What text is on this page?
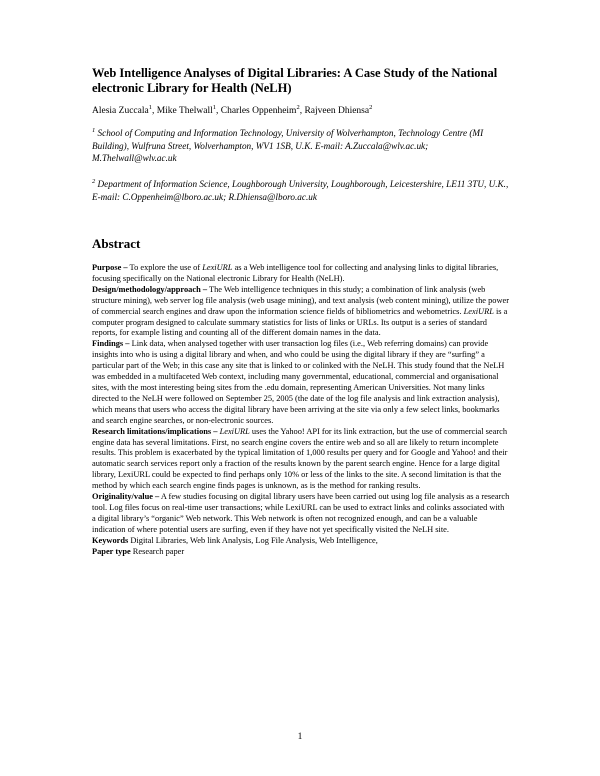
Web Intelligence Analyses of Digital Libraries: A Case Study of the National electronic Library for Health (NeLH)
Alesia Zuccala$^1$, Mike Thelwall$^1$, Charles Oppenheim$^2$, Rajveen Dhiensa$^2$
$^1$ School of Computing and Information Technology, University of Wolverhampton, Technology Centre (MI Building), Wulfruna Street, Wolverhampton, WV1 1SB, U.K. E-mail: A.Zuccala@wlv.ac.uk; M.Thelwall@wlv.ac.uk
$^2$ Department of Information Science, Loughborough University, Loughborough, Leicestershire, LE11 3TU, U.K., E-mail: C.Oppenheim@lboro.ac.uk; R.Dhiensa@lboro.ac.uk
Abstract

Purpose – To explore the use of LexiURL as a Web intelligence tool for collecting and analysing links to digital libraries, focusing specifically on the National electronic Library for Health (NeLH).

Design/methodology/approach – The Web intelligence techniques in this study; a combination of link analysis (web structure mining), web server log file analysis (web usage mining), and text analysis (web content mining), utilize the power of commercial search engines and draw upon the information science fields of bibliometrics and webometrics. LexiURL is a computer program designed to calculate summary statistics for lists of links or URLs. Its output is a series of standard reports, for example listing and counting all of the different domain names in the data.

Findings – Link data, when analysed together with user transaction log files (i.e., Web referring domains) can provide insights into who is using a digital library and when, and who could be using the digital library if they are “surfing” a particular part of the Web; in this case any site that is linked to or colinked with the NeLH. This study found that the NeLH was embedded in a multifaceted Web context, including many governmental, educational, commercial and organisational sites, with the most interesting being sites from the .edu domain, representing American Universities. Not many links directed to the NeLH were followed on September 25, 2005 (the date of the log file analysis and link extraction analysis), which means that users who access the digital library have been arriving at the site via only a few select links, bookmarks and search engine searches, or non-electronic sources.

Research limitations/implications – LexiURL uses the Yahoo! API for its link extraction, but the use of commercial search engine data has several limitations. First, no search engine covers the entire web and so all are likely to return incomplete results. This problem is exacerbated by the typical limitation of 1,000 results per query and for Google and Yahoo! and their automatic search services report only a fraction of the results known by the parent search engine. Hence for a large digital library, LexiURL could be expected to find perhaps only 10% or less of the links to the site. A second limitation is that the method by which each search engine finds pages is unknown, as is the method for ranking results.

Originality/value – A few studies focusing on digital library users have been carried out using log file analysis as a research tool. Log files focus on real-time user transactions; while LexiURL can be used to extract links and colinks associated with a digital library’s “organic” Web network. This Web network is often not recognized enough, and can be a valuable indication of where potential users are surfing, even if they have not yet specifically visited the NeLH site.

Keywords Digital Libraries, Web link Analysis, Log File Analysis, Web Intelligence,

Paper type Research paper

1
